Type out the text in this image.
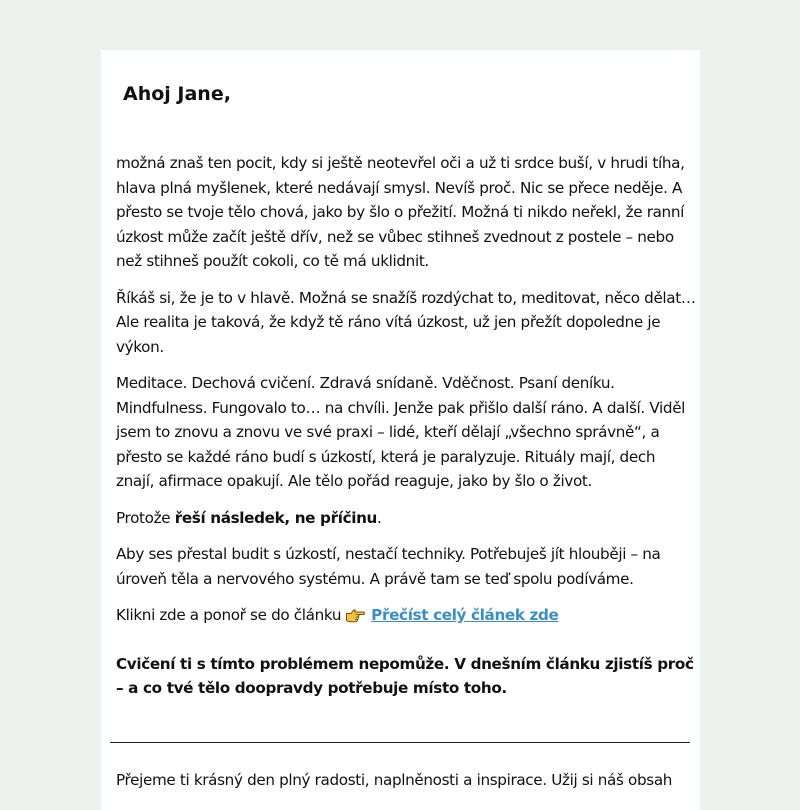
Ahoj Jane,

možná znaš ten pocit, kdy si ještě neotevřel oči a už ti srdce buší, v hrudi tíha, hlava plná myšlenek, které nedávají smysl. Nevíš proč. Nic se přece neděje. A přesto se tvoje tělo chová, jako by šlo o přežití. Možná ti nikdo neřekl, že ranní úzkost může začít ještě dřív, než se vůbec stihneš zvednout z postele – nebo než stihneš použít cokoli, co tě má uklidnit.

Říkáš si, že je to v hlavě. Možná se snažíš rozdýchat to, meditovat, něco dělat… Ale realita je taková, že když tě ráno vítá úzkost, už jen přežít dopoledne je výkon.

Meditace. Dechová cvičení. Zdravá snídaně. Vděčnost. Psaní deníku. Mindfulness. Fungovalo to… na chvíli. Jenže pak přišlo další ráno. A další. Viděl jsem to znovu a znovu ve své praxi – lidé, kteří dělají „všechno správně“, a přesto se každé ráno budí s úzkostí, která je paralyzuje. Rituály mají, dech znají, afirmace opakují. Ale tělo pořád reaguje, jako by šlo o život.

Protože řeší následek, ne příčinu.

Aby ses přestal budit s úzkostí, nestačí techniky. Potřebuješ jít hlouběji – na úroveň těla a nervového systému. A právě tam se teď spolu podíváme.

Klikni zde a ponoř se do článku Přečíst celý článek zde

Cvičení ti s tímto problémem nepomůže. V dnešním článku zjistíš proč – a co tvé tělo doopravdy potřebuje místo toho.

Přejeme ti krásný den plný radosti, naplněnosti a inspirace. Užij si náš obsah
